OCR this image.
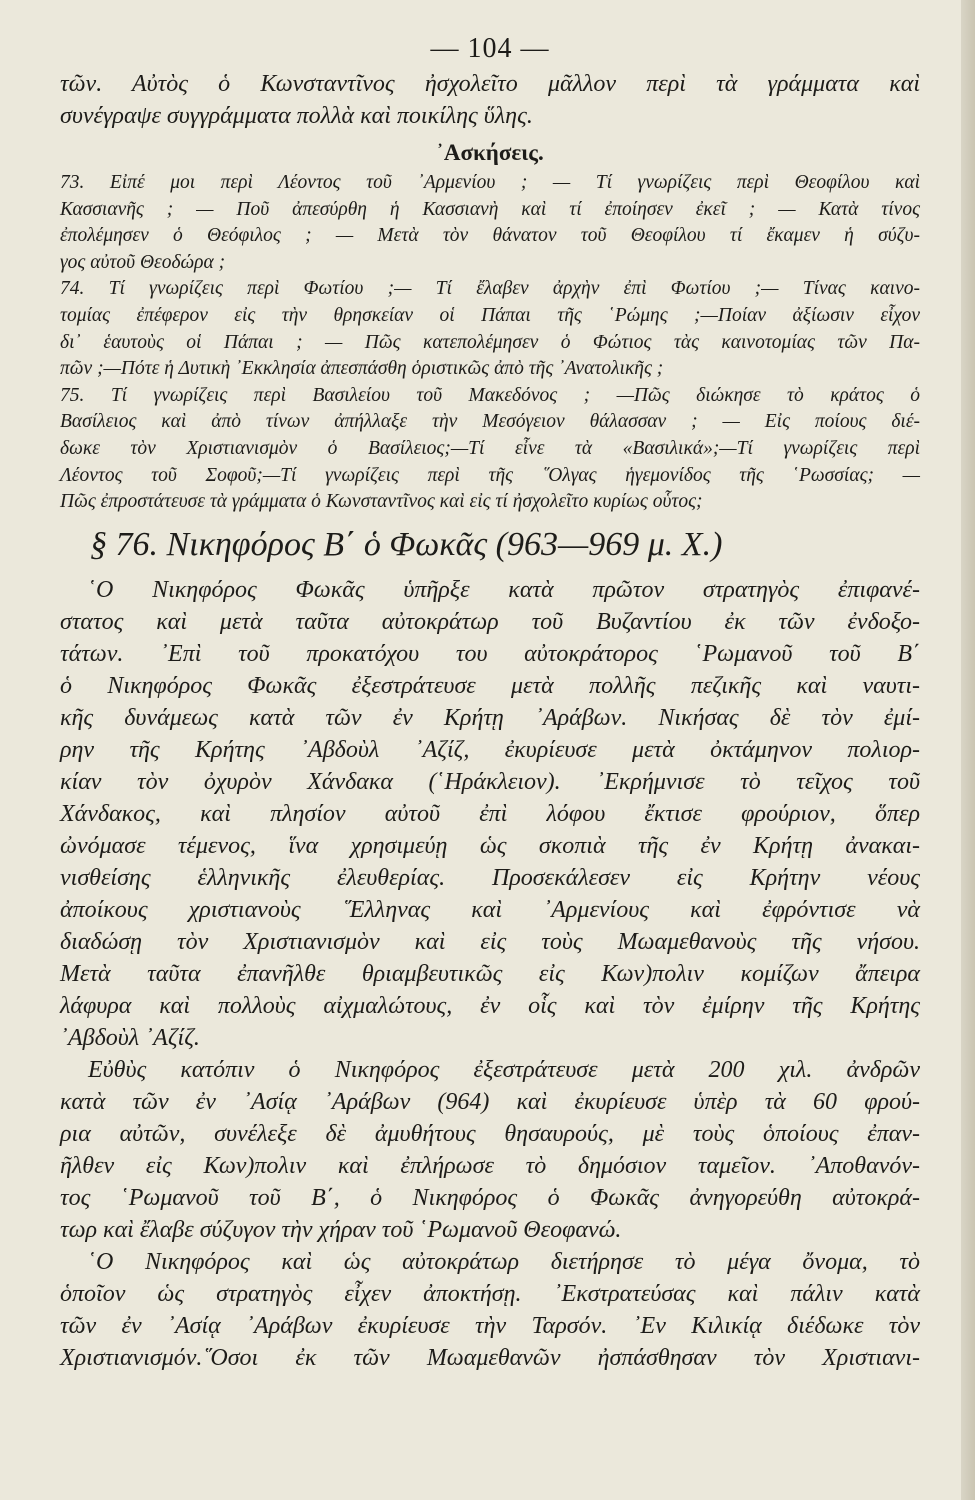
— 104 —
τῶν. Αὐτὸς ὁ Κωνσταντῖνος ἠσχολεῖτο μᾶλλον περὶ τὰ γράμματα καὶ
συνέγραψε συγγράμματα πολλὰ καὶ ποικίλης ὕλης.
᾿Ασκήσεις.
73. Εἰπέ μοι περὶ Λέοντος τοῦ ᾿Αρμενίου ; — Τί γνωρίζεις περὶ Θεοφίλου καὶ
Κασσιανῆς ; — Ποῦ ἀπεσύρθη ἡ Κασσιανὴ καὶ τί ἐποίησεν ἐκεῖ ; — Κατὰ τίνος
ἐπολέμησεν ὁ Θεόφιλος ; — Μετὰ τὸν θάνατον τοῦ Θεοφίλου τί ἔκαμεν ἡ σύζυ-
γος αὐτοῦ Θεοδώρα ;
74. Τί γνωρίζεις περὶ Φωτίου ;— Τί ἔλαβεν ἀρχὴν ἐπὶ Φωτίου ;— Τίνας καινο-
τομίας ἐπέφερον εἰς τὴν θρησκείαν οἱ Πάπαι τῆς ῾Ρώμης ;—Ποίαν ἀξίωσιν εἶχον
δι᾿ ἑαυτοὺς οἱ Πάπαι ; — Πῶς κατεπολέμησεν ὁ Φώτιος τὰς καινοτομίας τῶν Πα-
πῶν ;—Πότε ἡ Δυτικὴ ᾿Εκκλησία ἀπεσπάσθη ὁριστικῶς ἀπὸ τῆς ᾿Ανατολικῆς ;
75. Τί γνωρίζεις περὶ Βασιλείου τοῦ Μακεδόνος ; —Πῶς διώκησε τὸ κράτος ὁ
Βασίλειος καὶ ἀπὸ τίνων ἀπήλλαξε τὴν Μεσόγειον θάλασσαν ; — Εἰς ποίους διέ-
δωκε τὸν Χριστιανισμὸν ὁ Βασίλειος;—Τί εἶνε τὰ «Βασιλικά»;—Τί γνωρίζεις περὶ
Λέοντος τοῦ Σοφοῦ;—Τί γνωρίζεις περὶ τῆς ῞Ολγας ἡγεμονίδος τῆς ῾Ρωσσίας; —
Πῶς ἐπροστάτευσε τὰ γράμματα ὁ Κωνσταντῖνος καὶ εἰς τί ἠσχολεῖτο κυρίως οὗτος;
§ 76. Νικηφόρος Β΄ ὁ Φωκᾶς (963—969 μ. Χ.)
῾Ο Νικηφόρος Φωκᾶς ὑπῆρξε κατὰ πρῶτον στρατηγὸς ἐπιφανέ-
στατος καὶ μετὰ ταῦτα αὐτοκράτωρ τοῦ Βυζαντίου ἐκ τῶν ἐνδοξο-
τάτων. ᾿Επὶ τοῦ προκατόχου του αὐτοκράτορος ῾Ρωμανοῦ τοῦ Β΄
ὁ Νικηφόρος Φωκᾶς ἐξεστράτευσε μετὰ πολλῆς πεζικῆς καὶ ναυτι-
κῆς δυνάμεως κατὰ τῶν ἐν Κρήτῃ ᾿Αράβων. Νικήσας δὲ τὸν ἐμί-
ρην τῆς Κρήτης ᾿Αβδοὺλ ᾿Αζίζ, ἐκυρίευσε μετὰ ὀκτάμηνον πολιορ-
κίαν τὸν ὀχυρὸν Χάνδακα (῾Ηράκλειον). ᾿Εκρήμνισε τὸ τεῖχος τοῦ
Χάνδακος, καὶ πλησίον αὐτοῦ ἐπὶ λόφου ἔκτισε φρούριον, ὅπερ
ὠνόμασε τέμενος, ἵνα χρησιμεύῃ ὡς σκοπιὰ τῆς ἐν Κρήτῃ ἀνακαι-
νισθείσης ἑλληνικῆς ἐλευθερίας. Προσεκάλεσεν εἰς Κρήτην νέους
ἀποίκους χριστιανοὺς ῞Ελληνας καὶ ᾿Αρμενίους καὶ ἐφρόντισε νὰ
διαδώσῃ τὸν Χριστιανισμὸν καὶ εἰς τοὺς Μωαμεθανοὺς τῆς νήσου.
Μετὰ ταῦτα ἐπανῆλθε θριαμβευτικῶς εἰς Κων)πολιν κομίζων ἄπειρα
λάφυρα καὶ πολλοὺς αἰχμαλώτους, ἐν οἷς καὶ τὸν ἐμίρην τῆς Κρήτης
᾿Αβδοὺλ ᾿Αζίζ.
Εὐθὺς κατόπιν ὁ Νικηφόρος ἐξεστράτευσε μετὰ 200 χιλ. ἀνδρῶν
κατὰ τῶν ἐν ᾿Ασίᾳ ᾿Αράβων (964) καὶ ἐκυρίευσε ὑπὲρ τὰ 60 φρού-
ρια αὐτῶν, συνέλεξε δὲ ἀμυθήτους θησαυρούς, μὲ τοὺς ὁποίους ἐπαν-
ῆλθεν εἰς Κων)πολιν καὶ ἐπλήρωσε τὸ δημόσιον ταμεῖον. ᾿Αποθανόν-
τος ῾Ρωμανοῦ τοῦ Β΄, ὁ Νικηφόρος ὁ Φωκᾶς ἀνηγορεύθη αὐτοκρά-
τωρ καὶ ἔλαβε σύζυγον τὴν χήραν τοῦ ῾Ρωμανοῦ Θεοφανώ.
῾Ο Νικηφόρος καὶ ὡς αὐτοκράτωρ διετήρησε τὸ μέγα ὄνομα, τὸ
ὁποῖον ὡς στρατηγὸς εἶχεν ἀποκτήσῃ. ᾿Εκστρατεύσας καὶ πάλιν κατὰ
τῶν ἐν ᾿Ασίᾳ ᾿Αράβων ἐκυρίευσε τὴν Ταρσόν. ᾿Εν Κιλικίᾳ διέδωκε τὸν
Χριστιανισμόν.῞Οσοι ἐκ τῶν Μωαμεθανῶν ἠσπάσθησαν τὸν Χριστιανι-
